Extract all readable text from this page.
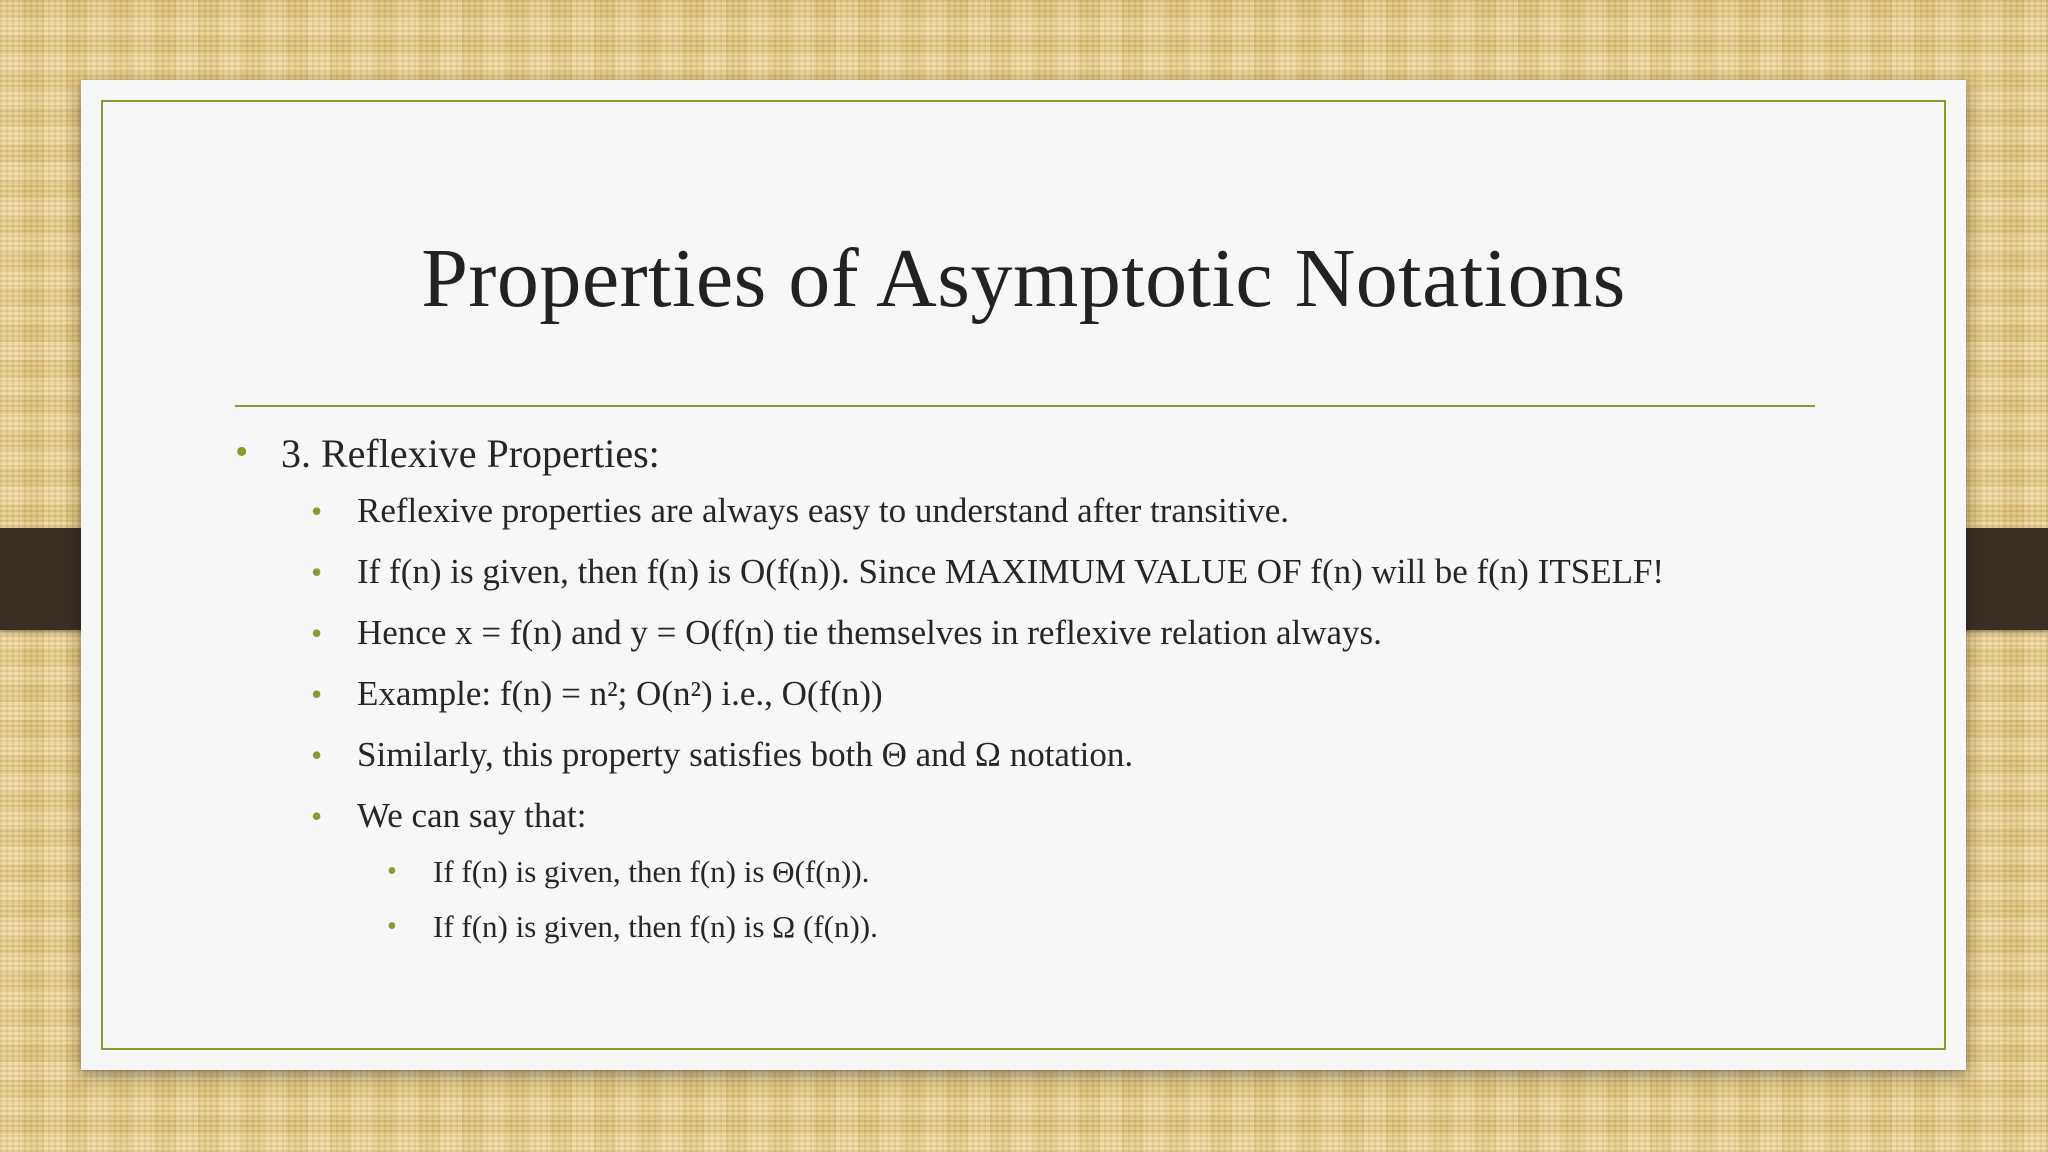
Properties of Asymptotic Notations
• 3. Reflexive Properties:
• Reflexive properties are always easy to understand after transitive.
• If f(n) is given, then f(n) is O(f(n)). Since MAXIMUM VALUE OF f(n) will be f(n) ITSELF!
• Hence x = f(n) and y = O(f(n) tie themselves in reflexive relation always.
• Example: f(n) = n²; O(n²) i.e., O(f(n))
• Similarly, this property satisfies both Θ and Ω notation.
• We can say that:
• If f(n) is given, then f(n) is Θ(f(n)).
• If f(n) is given, then f(n) is Ω (f(n)).
